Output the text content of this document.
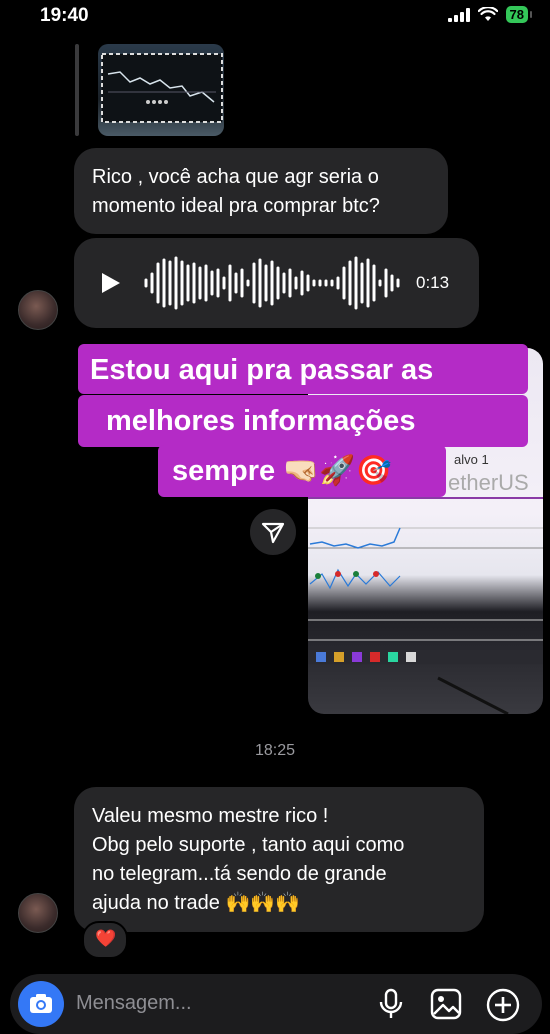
19:40	78
Rico , você acha que agr seria o
momento ideal pra comprar btc?
0:13
alvo 1
etherUS
Estou aqui pra passar as
melhores informações
sempre 🤜🏻🚀🎯
18:25
Valeu mesmo mestre rico !
Obg pelo suporte , tanto aqui como
no telegram...tá sendo de grande
ajuda no trade 🙌🙌🙌
❤️
Mensagem...
